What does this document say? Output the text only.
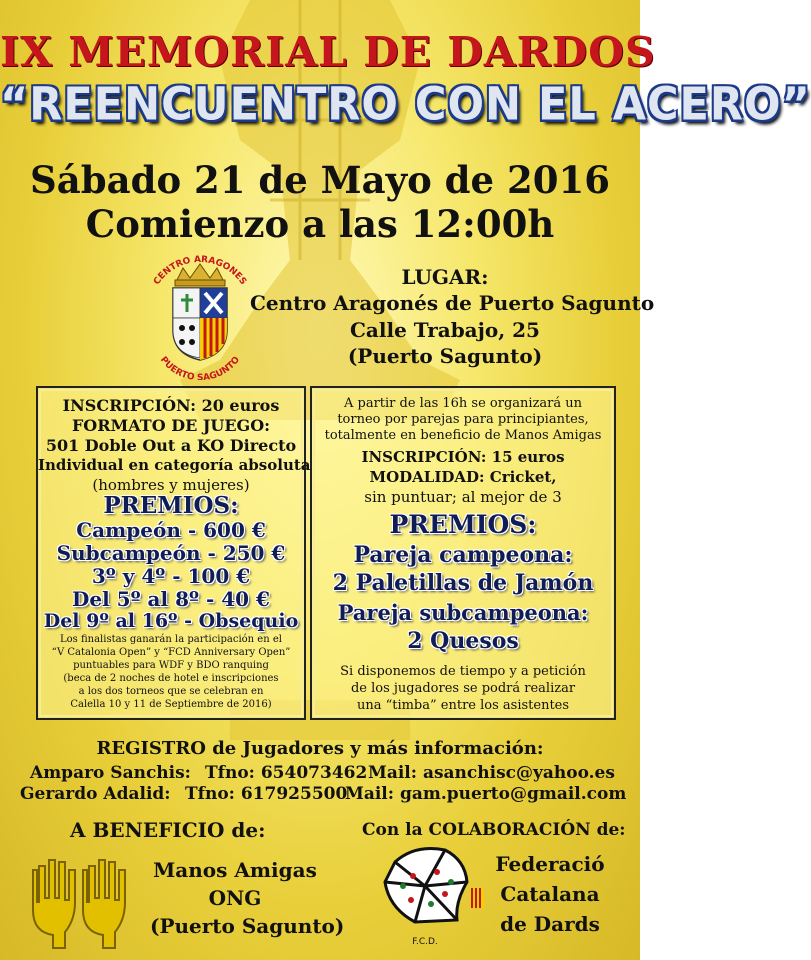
IX MEMORIAL DE DARDOS
“REENCUENTRO CON EL ACERO”
Sábado 21 de Mayo de 2016
Comienzo a las 12:00h
CENTRO ARAGONES
PUERTO SAGUNTO
LUGAR:
Centro Aragonés de Puerto Sagunto
Calle Trabajo, 25
(Puerto Sagunto)
INSCRIPCIÓN: 20 euros
FORMATO DE JUEGO:
501 Doble Out a KO Directo
Individual en categoría absoluta
(hombres y mujeres)
PREMIOS:
Campeón - 600 €
Subcampeón - 250 €
3º y 4º - 100 €
Del 5º al 8º - 40 €
Del 9º al 16º - Obsequio
Los finalistas ganarán la participación en el
“V Catalonia Open” y “FCD Anniversary Open”
puntuables para WDF y BDO ranquing
(beca de 2 noches de hotel e inscripciones
a los dos torneos que se celebran en
Calella 10 y 11 de Septiembre de 2016)
A partir de las 16h se organizará un
torneo por parejas para principiantes,
totalmente en beneficio de Manos Amigas
INSCRIPCIÓN: 15 euros
MODALIDAD: Cricket,
sin puntuar; al mejor de 3
PREMIOS:
Pareja campeona:
2 Paletillas de Jamón
Pareja subcampeona:
2 Quesos
Si disponemos de tiempo y a petición
de los jugadores se podrá realizar
una “timba” entre los asistentes
REGISTRO de Jugadores y más información:
Amparo Sanchis: Tfno: 654073462 Mail: asanchisc@yahoo.es
Gerardo Adalid: Tfno: 617925500
Mail: gam.puerto@gmail.com
A BENEFICIO de:
Manos Amigas
ONG
(Puerto Sagunto)
Con la COLABORACIÓN de:
F.C.D.
Federació
Catalana
de Dards
